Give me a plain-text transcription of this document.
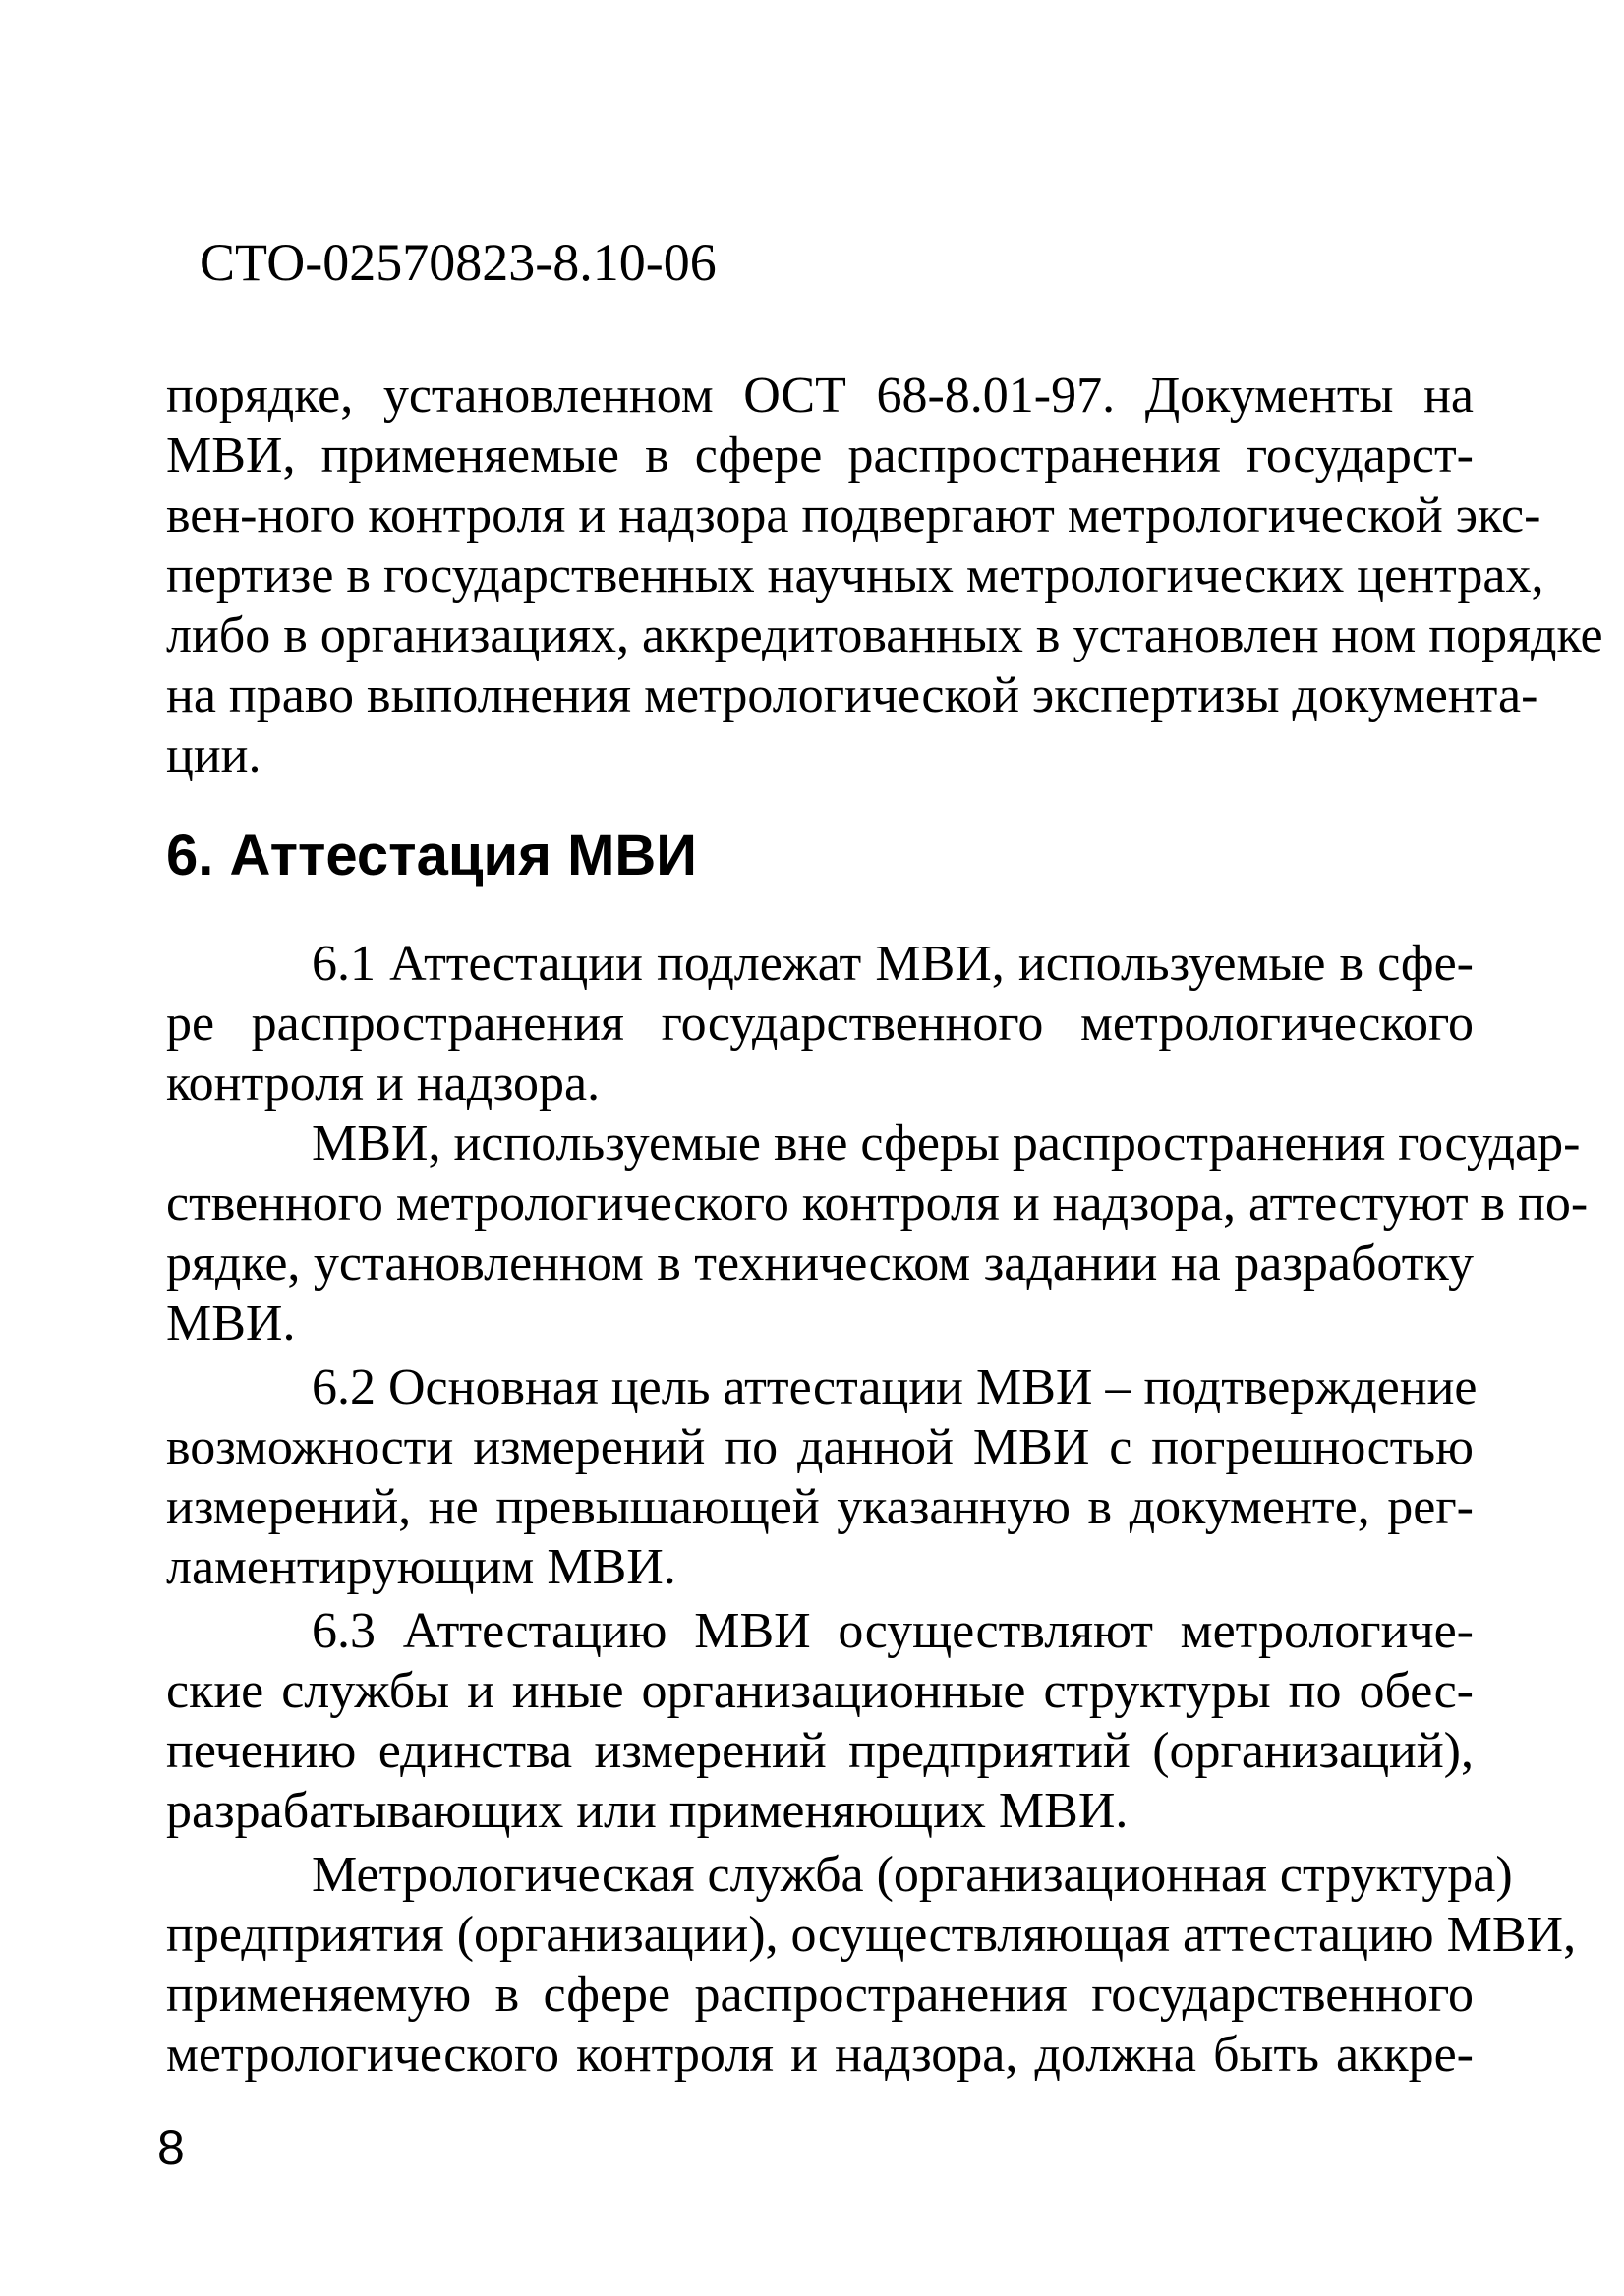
СТО-02570823-8.10-06
порядке, установленном ОСТ 68-8.01-97. Документы на
МВИ, применяемые в сфере распространения государст-
вен-ного контроля и надзора подвергают метрологической экс-
пертизе в государственных научных метрологических центрах,
либо в организациях, аккредитованных в установлен ном порядке
на право выполнения метрологической экспертизы документа-
ции.
6. Аттестация МВИ
6.1 Аттестации подлежат МВИ, используемые в сфе-
ре распространения государственного метрологического
контроля и надзора.
МВИ, используемые вне сферы распространения государ-
ственного метрологического контроля и надзора, аттестуют в по-
рядке, установленном в техническом задании на разработку
МВИ.
6.2 Основная цель аттестации МВИ – подтверждение
возможности измерений по данной МВИ с погрешностью
измерений, не превышающей указанную в документе, рег-
ламентирующим МВИ.
6.3 Аттестацию МВИ осуществляют метрологиче-
ские службы и иные организационные структуры по обес-
печению единства измерений предприятий (организаций),
разрабатывающих или применяющих МВИ.
Метрологическая служба (организационная структура)
предприятия (организации), осуществляющая аттестацию МВИ,
применяемую в сфере распространения государственного
метрологического контроля и надзора, должна быть аккре-
8
